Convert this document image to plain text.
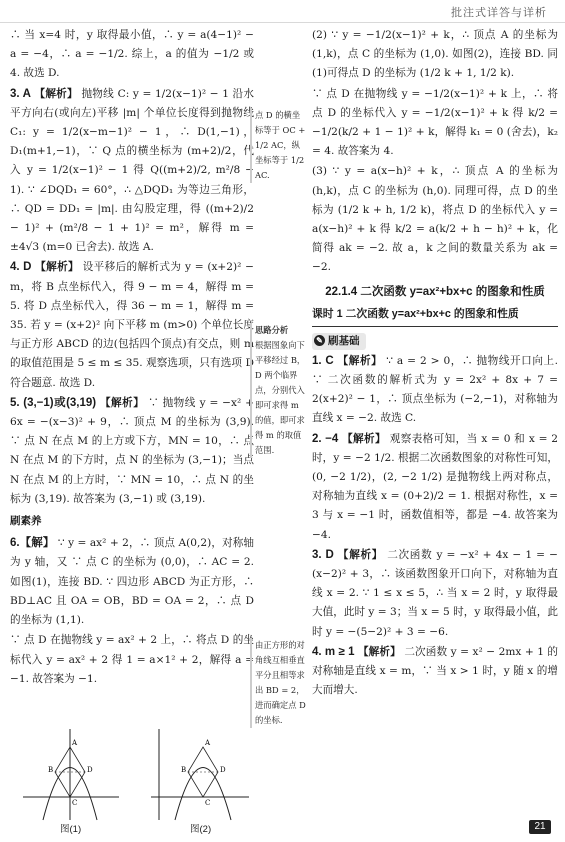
批注式详答与详析

∴ 当 x=4 时，y 取得最小值，∴ y = a(4−1)² − a = −4，∴ a = −1/2. 综上，a 的值为 −1/2 或 4. 故选 D.

3. A 【解析】 抛物线 C: y = 1/2(x−1)² − 1 沿水平方向右(或向左)平移 |m| 个单位长度得到抛物线 C₁: y = 1/2(x−m−1)² − 1，∴ D(1,−1)，D₁(m+1,−1)，∵ Q 点的横坐标为 (m+2)/2，代入 y = 1/2(x−1)² − 1 得 Q((m+2)/2, m²/8 − 1). ∵ ∠DQD₁ = 60°，∴ △DQD₁ 为等边三角形，∴ QD = DD₁ = |m|. 由勾股定理，得 ((m+2)/2 − 1)² + (m²/8 − 1 + 1)² = m²，解得 m = ±4√3 (m=0 已舍去). 故选 A.

4. D 【解析】 设平移后的解析式为 y = (x+2)² − m，将 B 点坐标代入，得 9 − m = 4，解得 m = 5. 将 D 点坐标代入，得 36 − m = 1，解得 m = 35. 若 y = (x+2)² 向下平移 m (m>0) 个单位长度与正方形 ABCD 的边(包括四个顶点)有交点，则 m 的取值范围是 5 ≤ m ≤ 35. 观察选项，只有选项 D 符合题意. 故选 D.

5. (3,−1)或(3,19) 【解析】 ∵ 抛物线 y = −x² + 6x = −(x−3)² + 9，∴ 顶点 M 的坐标为 (3,9). ∵ 点 N 在点 M 的上方或下方，MN = 10，∴ 点 N 在点 M 的下方时，点 N 的坐标为 (3,−1)；当点 N 在点 M 的上方时，∵ MN = 10，∴ 点 N 的坐标为 (3,19). 故答案为 (3,−1) 或 (3,19).

刷素养

6.【解】 ∵ y = ax² + 2，∴ 顶点 A(0,2)，对称轴为 y 轴，又 ∵ 点 C 的坐标为 (0,0)，∴ AC = 2. 如图(1)，连接 BD. ∵ 四边形 ABCD 为正方形，∴ BD⊥AC 且 OA = OB，BD = OA = 2，∴ 点 D 的坐标为 (1,1).

∵ 点 D 在抛物线 y = ax² + 2 上，∴ 将点 D 的坐标代入 y = ax² + 2 得 1 = a×1² + 2，解得 a = −1. 故答案为 −1.

点 D 的横坐标等于 OC + 1/2 AC，纵坐标等于 1/2 AC.
思路分析
根据图象向下平移经过 B，D 两个临界点，分别代入即可求得 m 的值，即可求得 m 的取值范围.
由正方形的对角线互相垂直平分且相等求出 BD = 2，进而确定点 D 的坐标.
A
B	D
C
图(1)
A
B	D
C
图(2)

(2) ∵ y = −1/2(x−1)² + k，∴ 顶点 A 的坐标为 (1,k)，点 C 的坐标为 (1,0). 如图(2)，连接 BD. 同(1)可得点 D 的坐标为 (1/2 k + 1, 1/2 k).

∵ 点 D 在抛物线 y = −1/2(x−1)² + k 上，∴ 将点 D 的坐标代入 y = −1/2(x−1)² + k 得 k/2 = −1/2(k/2 + 1 − 1)² + k，解得 k₁ = 0 (舍去)，k₂ = 4. 故答案为 4.

(3) ∵ y = a(x−h)² + k，∴ 顶点 A 的坐标为 (h,k)，点 C 的坐标为 (h,0). 同理可得，点 D 的坐标为 (1/2 k + h, 1/2 k)，将点 D 的坐标代入 y = a(x−h)² + k 得 k/2 = a(k/2 + h − h)² + k，化简得 ak = −2. 故 a，k 之间的数量关系为 ak = −2.

22.1.4 二次函数 y=ax²+bx+c 的图象和性质
课时 1 二次函数 y=ax²+bx+c 的图象和性质
✎ 刷基础

1. C 【解析】 ∵ a = 2 > 0，∴ 抛物线开口向上. ∵ 二次函数的解析式为 y = 2x² + 8x + 7 = 2(x+2)² − 1，∴ 顶点坐标为 (−2,−1)，对称轴为直线 x = −2. 故选 C.

2. −4 【解析】 观察表格可知，当 x = 0 和 x = 2 时，y = −2 1/2. 根据二次函数图象的对称性可知，(0, −2 1/2)，(2, −2 1/2) 是抛物线上两对称点，对称轴为直线 x = (0+2)/2 = 1. 根据对称性，x = 3 与 x = −1 时，函数值相等，都是 −4. 故答案为 −4.

3. D 【解析】 二次函数 y = −x² + 4x − 1 = −(x−2)² + 3，∴ 该函数图象开口向下，对称轴为直线 x = 2. ∵ 1 ≤ x ≤ 5，∴ 当 x = 2 时，y 取得最大值，此时 y = 3；当 x = 5 时，y 取得最小值，此时 y = −(5−2)² + 3 = −6.

4. m ≥ 1 【解析】 二次函数 y = x² − 2mx + 1 的对称轴是直线 x = m，∵ 当 x > 1 时，y 随 x 的增大而增大.

21
